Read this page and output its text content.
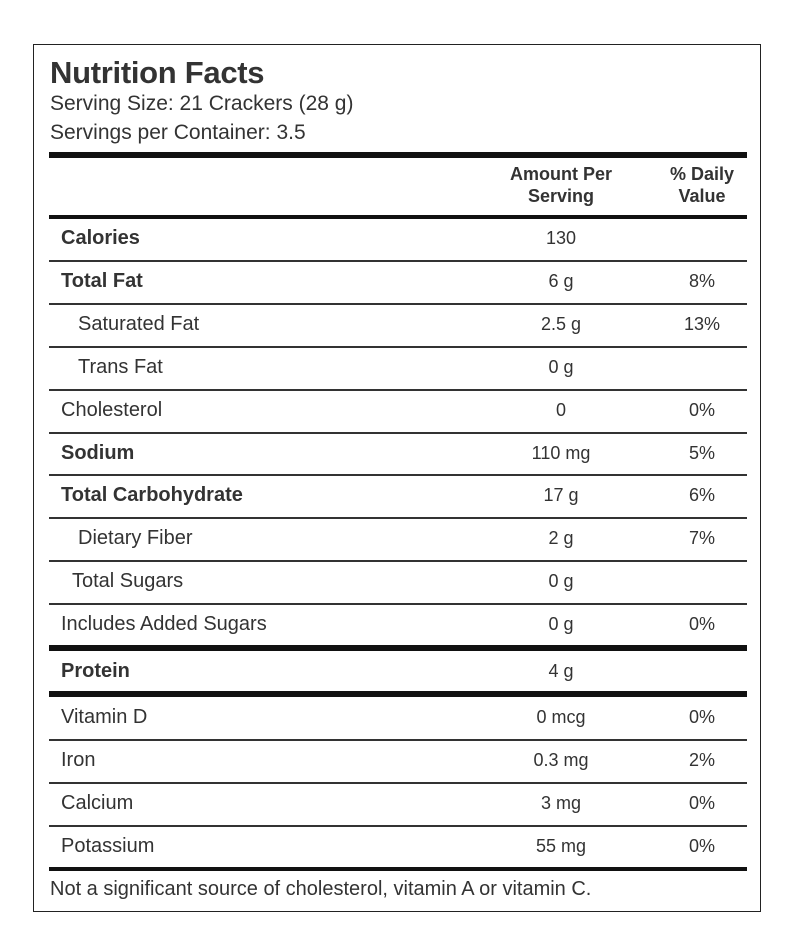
Nutrition Facts
Serving Size: 21 Crackers (28 g)
Servings per Container: 3.5
Amount Per Serving
% Daily Value
Calories	130
Total Fat	6 g	8%
Saturated Fat	2.5 g	13%
Trans Fat	0 g
Cholesterol	0	0%
Sodium	110 mg	5%
Total Carbohydrate	17 g	6%
Dietary Fiber	2 g	7%
Total Sugars	0 g
Includes Added Sugars	0 g	0%
Protein	4 g
Vitamin D	0 mcg	0%
Iron	0.3 mg	2%
Calcium	3 mg	0%
Potassium	55 mg	0%
Not a significant source of cholesterol, vitamin A or vitamin C.
